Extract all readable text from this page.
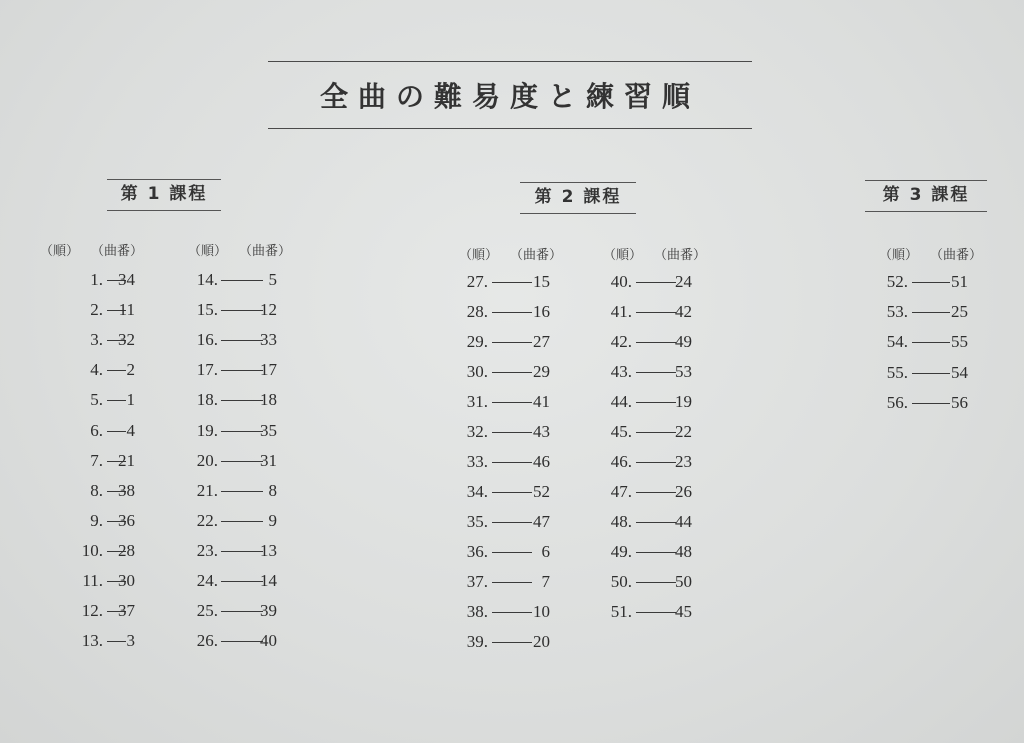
全曲の難易度と練習順
第 1 課程	第 2 課程	第 3 課程
（順） （曲番）
1. 34
2. 11
3. 32
4. 2
5. 1
6. 4
7. 21
8. 38
9. 36
10. 28
11. 30
12. 37
13. 3
（順） （曲番）
14.	5
15. 12
16. 33
17. 17
18. 18
19. 35
20. 31
21.	8
22.	9
23. 13
24. 14
25. 39
26. 40
（順） （曲番）
27.	15
28.	16
29.	27
30.	29
31.	41
32.	43
33.	46
34.	52
35.	47
36.	6
37.	7
38.	10
39.	20
（順） （曲番）
40.	24
41.	42
42.	49
43.	53
44.	19
45.	22
46.	23
47.	26
48.	44
49.	48
50.	50
51.	45
（順） （曲番）
52.	51
53.	25
54.	55
55.	54
56.	56
